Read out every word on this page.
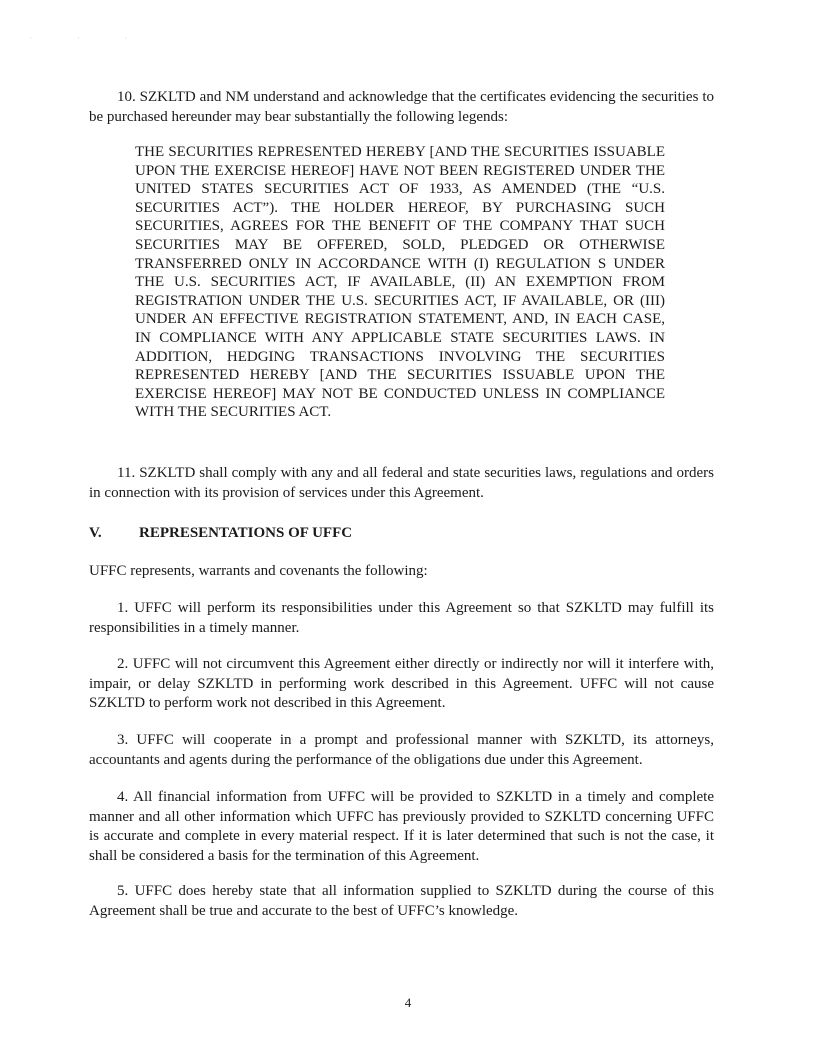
· · ·

10. SZKLTD and NM understand and acknowledge that the certificates evidencing the securities to be purchased hereunder may bear substantially the following legends:

THE SECURITIES REPRESENTED HEREBY [AND THE SECURITIES ISSUABLE UPON THE EXERCISE HEREOF] HAVE NOT BEEN REGISTERED UNDER THE UNITED STATES SECURITIES ACT OF 1933, AS AMENDED (THE “U.S. SECURITIES ACT”). THE HOLDER HEREOF, BY PURCHASING SUCH SECURITIES, AGREES FOR THE BENEFIT OF THE COMPANY THAT SUCH SECURITIES MAY BE OFFERED, SOLD, PLEDGED OR OTHERWISE TRANSFERRED ONLY IN ACCORDANCE WITH (I) REGULATION S UNDER THE U.S. SECURITIES ACT, IF AVAILABLE, (II) AN EXEMPTION FROM REGISTRATION UNDER THE U.S. SECURITIES ACT, IF AVAILABLE, OR (III) UNDER AN EFFECTIVE REGISTRATION STATEMENT, AND, IN EACH CASE, IN COMPLIANCE WITH ANY APPLICABLE STATE SECURITIES LAWS. IN ADDITION, HEDGING TRANSACTIONS INVOLVING THE SECURITIES REPRESENTED HEREBY [AND THE SECURITIES ISSUABLE UPON THE EXERCISE HEREOF] MAY NOT BE CONDUCTED UNLESS IN COMPLIANCE WITH THE SECURITIES ACT.

11. SZKLTD shall comply with any and all federal and state securities laws, regulations and orders in connection with its provision of services under this Agreement.

V. REPRESENTATIONS OF UFFC

UFFC represents, warrants and covenants the following:

1. UFFC will perform its responsibilities under this Agreement so that SZKLTD may fulfill its responsibilities in a timely manner.

2. UFFC will not circumvent this Agreement either directly or indirectly nor will it interfere with, impair, or delay SZKLTD in performing work described in this Agreement. UFFC will not cause SZKLTD to perform work not described in this Agreement.

3. UFFC will cooperate in a prompt and professional manner with SZKLTD, its attorneys, accountants and agents during the performance of the obligations due under this Agreement.

4. All financial information from UFFC will be provided to SZKLTD in a timely and complete manner and all other information which UFFC has previously provided to SZKLTD concerning UFFC is accurate and complete in every material respect. If it is later determined that such is not the case, it shall be considered a basis for the termination of this Agreement.

5. UFFC does hereby state that all information supplied to SZKLTD during the course of this Agreement shall be true and accurate to the best of UFFC’s knowledge.

4
